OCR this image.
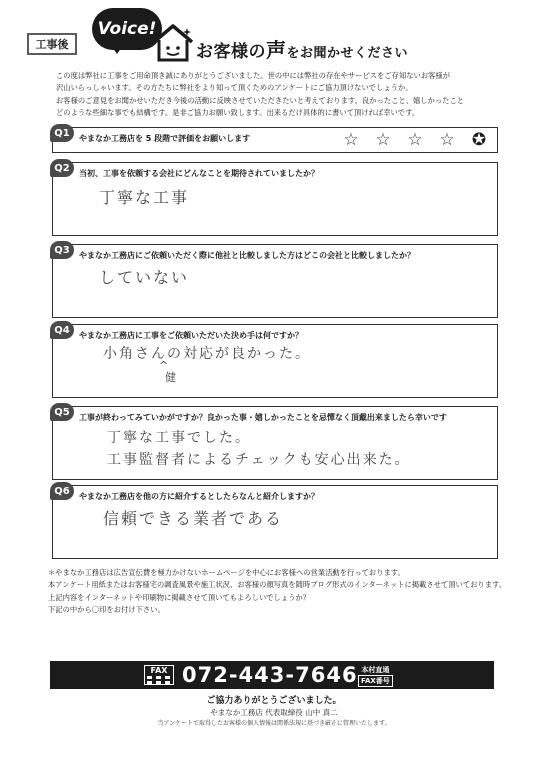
工事後
Voice!
お客様の声をお聞かせください

この度は弊社に工事をご用命頂き誠にありがとうございました。世の中には弊社の存在やサービスをご存知ないお客様が

沢山いらっしゃいます。その方たちに弊社をより知って頂くためのアンケートにご協力頂けないでしょうか。

お客様のご意見をお聞かせいただき今後の活動に反映させていただきたいと考えております。良かったこと、嬉しかったこと

どのような些細な事でも結構です。是非ご協力お願い致します。出来るだけ具体的に書いて頂ければ幸いです。

Q1	やまなか工務店を 5 段階で評価をお願いします	☆ ☆ ☆ ☆ ✪
Q2	当初、工事を依頼する会社にどんなことを期待されていましたか？
丁寧な工事
Q3	やまなか工務店にご依頼いただく際に他社と比較しました方はどこの会社と比較しましたか？
していない
Q4	やまなか工務店に工事をご依頼いただいた決め手は何ですか？
小角さんの対応が良かった。
^
健
Q5	工事が終わってみていかがですか？良かった事・嬉しかったことを忌憚なく頂戴出来ましたら幸いです
丁寧な工事でした。
工事監督者によるチェックも安心出来た。
Q6	やまなか工務店を他の方に紹介するとしたらなんと紹介しますか？
信頼できる業者である

＊やまなか工務店は広告宣伝費を極力かけないホームページを中心にお客様への営業活動を行っております。

本アンケート用紙またはお客様宅の調査風景や施工状況、お客様の顔写真を随時ブログ形式のインターネットに掲載させて頂いております。

上記内容をインターネットや印刷物に掲載させて頂いてもよろしいでしょうか？

下記の中から〇印をお付け下さい。

FAX 072-443-7646 本村直通
FAX番号
ご協力ありがとうございました。
やまなか工務店 代表取締役 山中 真二
当アンケートで取得したお客様の個人情報は関係法規に基づき厳正に管理いたします。
